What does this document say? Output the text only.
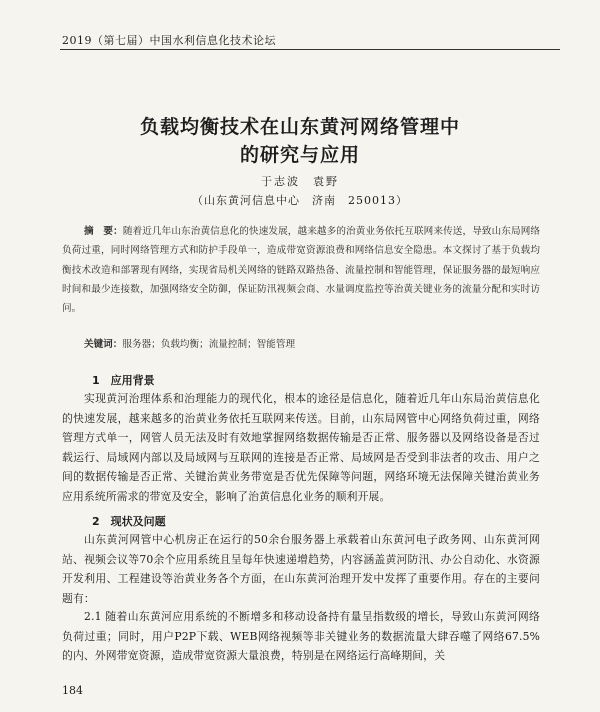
2019（第七届）中国水利信息化技术论坛
负载均衡技术在山东黄河网络管理中
的研究与应用
于志波　袁野
（山东黄河信息中心　济南　250013）
摘　要：随着近几年山东治黄信息化的快速发展，越来越多的治黄业务依托互联网来传送，导致山东局网络负荷过重，同时网络管理方式和防护手段单一，造成带宽资源浪费和网络信息安全隐患。本文探讨了基于负载均衡技术改造和部署现有网络，实现省局机关网络的链路双路热备、流量控制和智能管理，保证服务器的最短响应时间和最少连接数，加强网络安全防御，保证防汛视频会商、水量调度监控等治黄关键业务的流量分配和实时访问。
关键词：服务器；负载均衡；流量控制；智能管理
1　应用背景
实现黄河治理体系和治理能力的现代化，根本的途径是信息化，随着近几年山东局治黄信息化的快速发展，越来越多的治黄业务依托互联网来传送。目前，山东局网管中心网络负荷过重，网络管理方式单一，网管人员无法及时有效地掌握网络数据传输是否正常、服务器以及网络设备是否过载运行、局域网内部以及局域网与互联网的连接是否正常、局域网是否受到非法者的攻击、用户之间的数据传输是否正常、关键治黄业务带宽是否优先保障等问题，网络环境无法保障关键治黄业务应用系统所需求的带宽及安全，影响了治黄信息化业务的顺利开展。
2　现状及问题
山东黄河网管中心机房正在运行的50余台服务器上承载着山东黄河电子政务网、山东黄河网站、视频会议等70余个应用系统且呈每年快速递增趋势，内容涵盖黄河防汛、办公自动化、水资源开发利用、工程建设等治黄业务各个方面，在山东黄河治理开发中发挥了重要作用。存在的主要问题有：
2.1 随着山东黄河应用系统的不断增多和移动设备持有量呈指数级的增长，导致山东黄河网络负荷过重；同时，用户P2P下载、WEB网络视频等非关键业务的数据流量大肆吞噬了网络67.5%的内、外网带宽资源，造成带宽资源大量浪费，特别是在网络运行高峰期间，关
184
